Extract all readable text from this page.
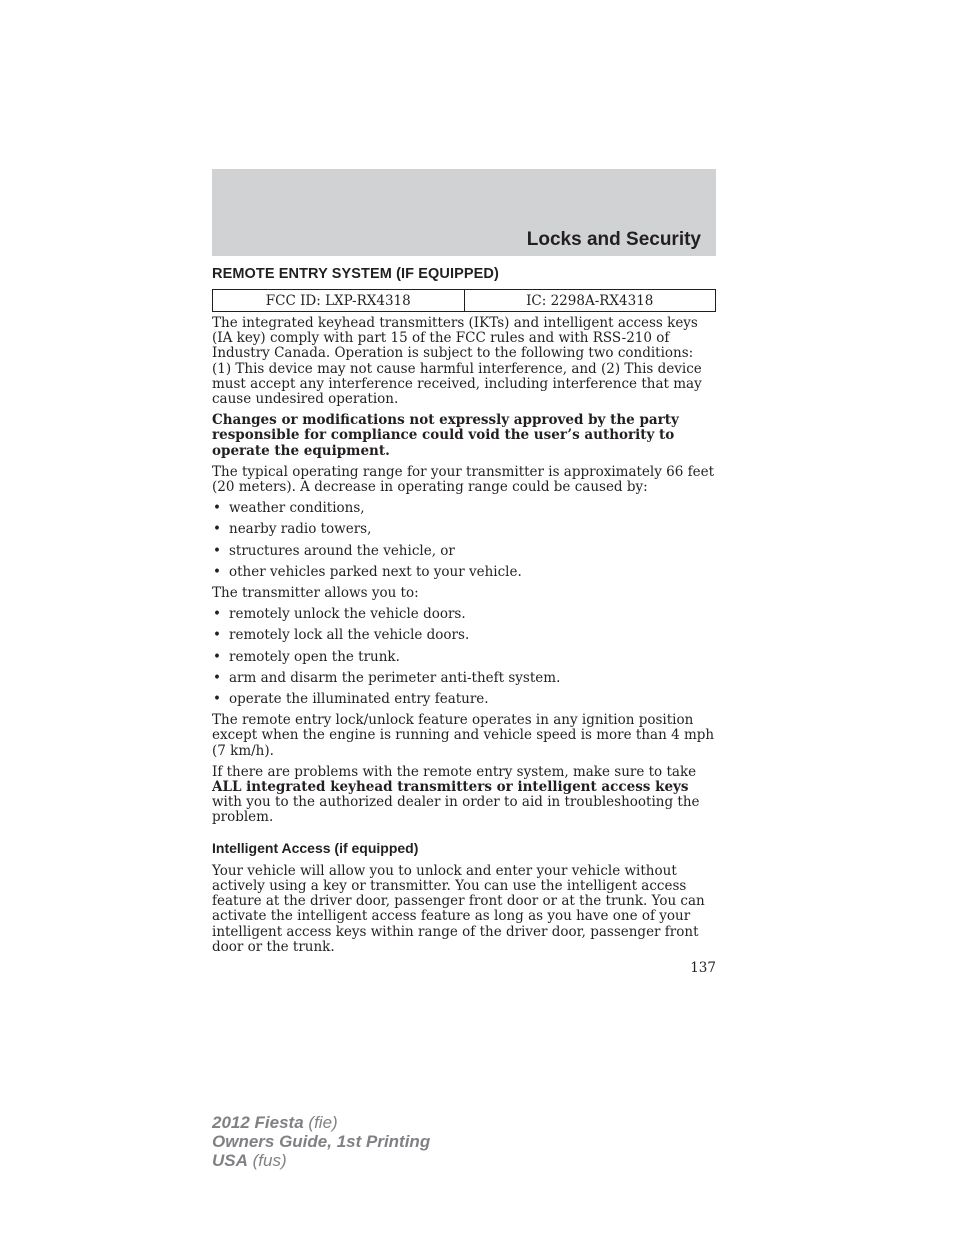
Locks and Security
REMOTE ENTRY SYSTEM (IF EQUIPPED)
FCC ID: LXP-RX4318	IC: 2298A-RX4318

The integrated keyhead transmitters (IKTs) and intelligent access keys (IA key) comply with part 15 of the FCC rules and with RSS-210 of Industry Canada. Operation is subject to the following two conditions: (1) This device may not cause harmful interference, and (2) This device must accept any interference received, including interference that may cause undesired operation.

Changes or modifications not expressly approved by the party responsible for compliance could void the user’s authority to operate the equipment.

The typical operating range for your transmitter is approximately 66 feet (20 meters). A decrease in operating range could be caused by:

• weather conditions,
• nearby radio towers,
• structures around the vehicle, or
• other vehicles parked next to your vehicle.

The transmitter allows you to:

• remotely unlock the vehicle doors.
• remotely lock all the vehicle doors.
• remotely open the trunk.
• arm and disarm the perimeter anti-theft system.
• operate the illuminated entry feature.

The remote entry lock/unlock feature operates in any ignition position except when the engine is running and vehicle speed is more than 4 mph (7 km/h).

If there are problems with the remote entry system, make sure to take ALL integrated keyhead transmitters or intelligent access keys with you to the authorized dealer in order to aid in troubleshooting the problem.

Intelligent Access (if equipped)

Your vehicle will allow you to unlock and enter your vehicle without actively using a key or transmitter. You can use the intelligent access feature at the driver door, passenger front door or at the trunk. You can activate the intelligent access feature as long as you have one of your intelligent access keys within range of the driver door, passenger front door or the trunk.

137
2012 Fiesta (fie)
Owners Guide, 1st Printing
USA (fus)
